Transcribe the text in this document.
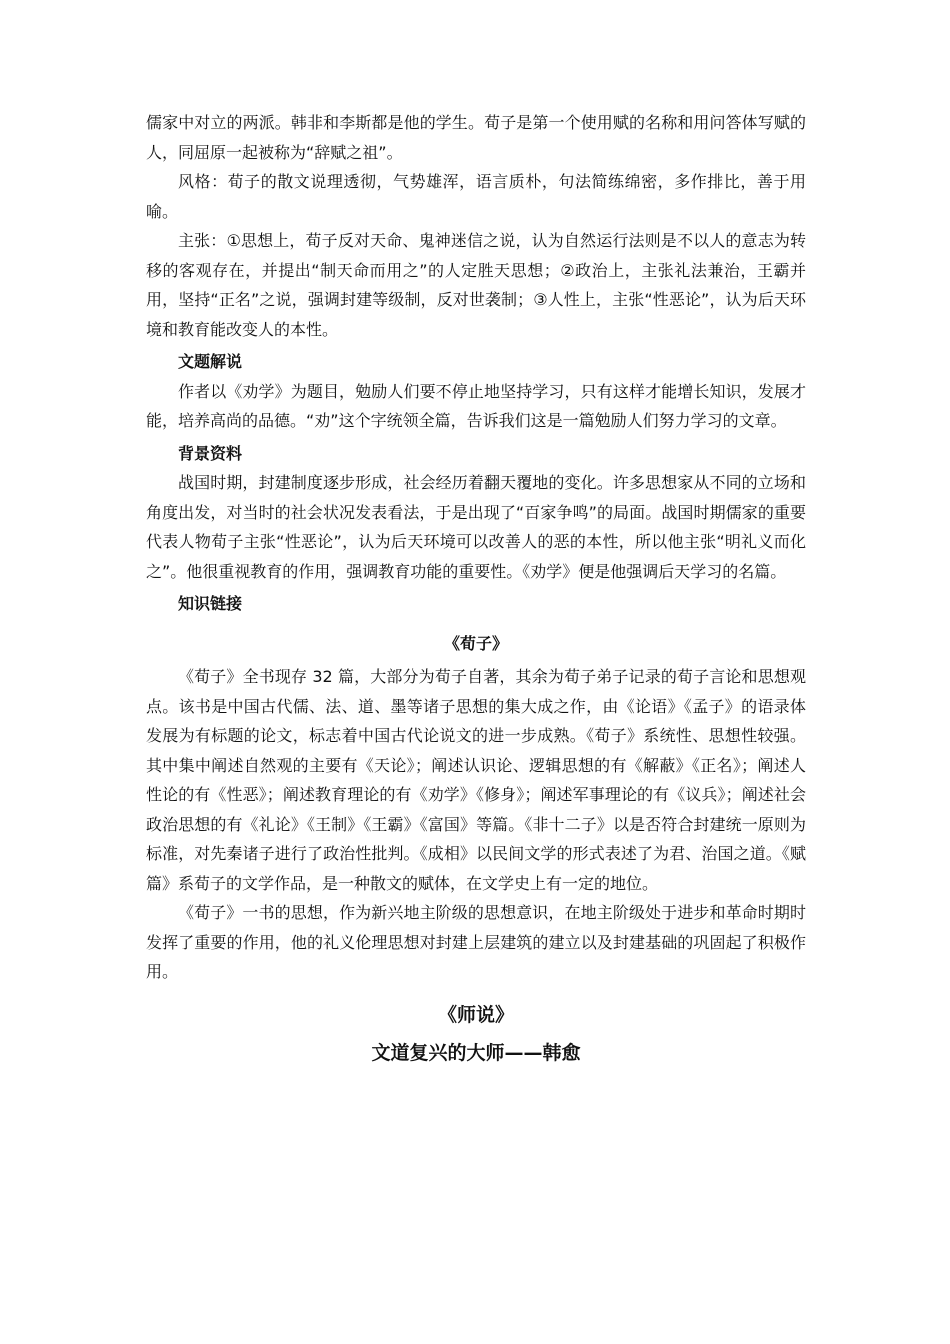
儒家中对立的两派。韩非和李斯都是他的学生。荀子是第一个使用赋的名称和用问答体写赋的人，同屈原一起被称为“辞赋之祖”。

风格：荀子的散文说理透彻，气势雄浑，语言质朴，句法简练绵密，多作排比，善于用喻。

主张：①思想上，荀子反对天命、鬼神迷信之说，认为自然运行法则是不以人的意志为转移的客观存在，并提出“制天命而用之”的人定胜天思想；②政治上，主张礼法兼治，王霸并用，坚持“正名”之说，强调封建等级制，反对世袭制；③人性上，主张“性恶论”，认为后天环境和教育能改变人的本性。

文题解说

作者以《劝学》为题目，勉励人们要不停止地坚持学习，只有这样才能增长知识，发展才能，培养高尚的品德。“劝”这个字统领全篇，告诉我们这是一篇勉励人们努力学习的文章。

背景资料

战国时期，封建制度逐步形成，社会经历着翻天覆地的变化。许多思想家从不同的立场和角度出发，对当时的社会状况发表看法，于是出现了“百家争鸣”的局面。战国时期儒家的重要代表人物荀子主张“性恶论”，认为后天环境可以改善人的恶的本性，所以他主张“明礼义而化之”。他很重视教育的作用，强调教育功能的重要性。《劝学》便是他强调后天学习的名篇。

知识链接
《荀子》

《荀子》全书现存 32 篇，大部分为荀子自著，其余为荀子弟子记录的荀子言论和思想观点。该书是中国古代儒、法、道、墨等诸子思想的集大成之作，由《论语》《孟子》的语录体发展为有标题的论文，标志着中国古代论说文的进一步成熟。《荀子》系统性、思想性较强。其中集中阐述自然观的主要有《天论》；阐述认识论、逻辑思想的有《解蔽》《正名》；阐述人性论的有《性恶》；阐述教育理论的有《劝学》《修身》；阐述军事理论的有《议兵》；阐述社会政治思想的有《礼论》《王制》《王霸》《富国》等篇。《非十二子》以是否符合封建统一原则为标准，对先秦诸子进行了政治性批判。《成相》以民间文学的形式表述了为君、治国之道。《赋篇》系荀子的文学作品，是一种散文的赋体，在文学史上有一定的地位。

《荀子》一书的思想，作为新兴地主阶级的思想意识，在地主阶级处于进步和革命时期时发挥了重要的作用，他的礼义伦理思想对封建上层建筑的建立以及封建基础的巩固起了积极作用。

《师说》
文道复兴的大师——韩愈
